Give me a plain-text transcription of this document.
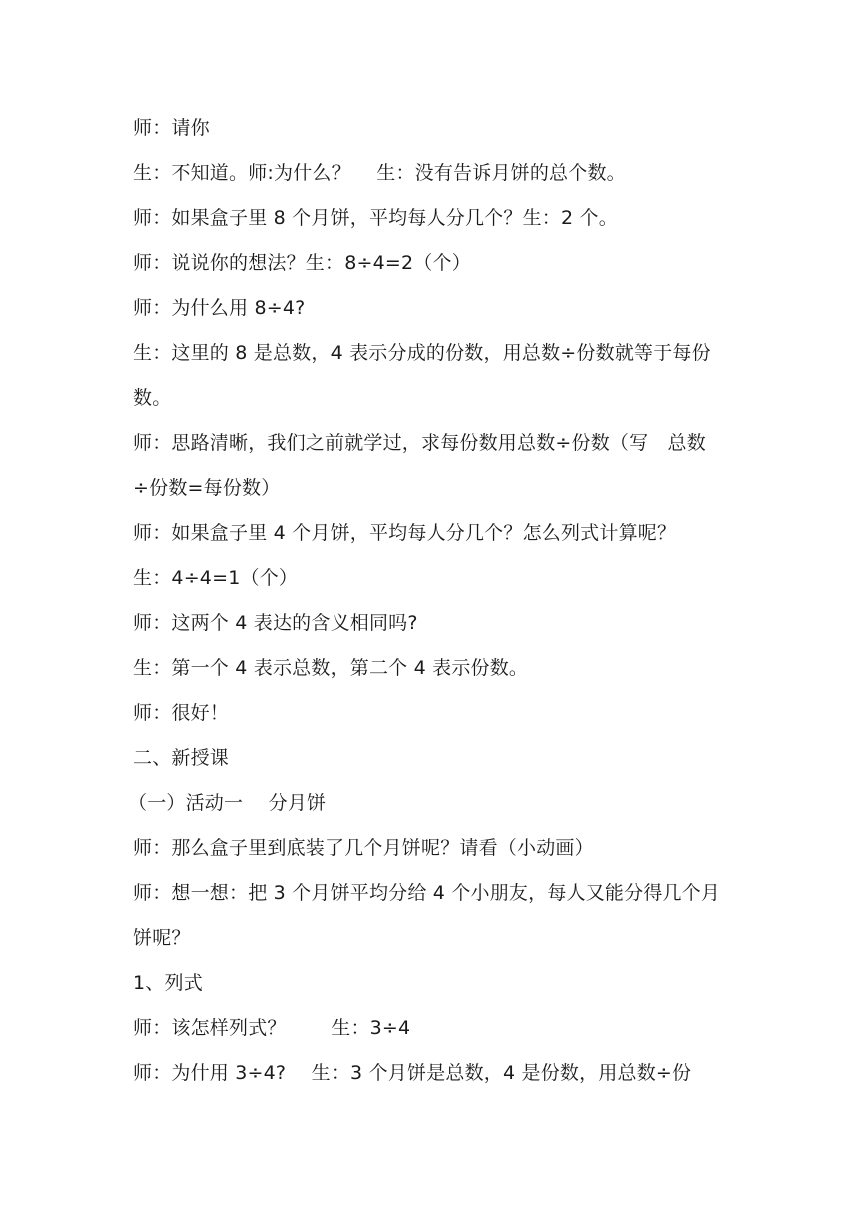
师：请你
生：不知道。师:为什么？　 生：没有告诉月饼的总个数。
师：如果盒子里 8 个月饼，平均每人分几个？生：2 个。
师：说说你的想法？生：8÷4=2（个）
师：为什么用 8÷4?
生：这里的 8 是总数，4 表示分成的份数，用总数÷份数就等于每份
数。
师：思路清晰，我们之前就学过，求每份数用总数÷份数（写　总数
÷份数=每份数）
师：如果盒子里 4 个月饼，平均每人分几个？怎么列式计算呢？
生：4÷4=1（个）
师：这两个 4 表达的含义相同吗?
生：第一个 4 表示总数，第二个 4 表示份数。
师：很好！
二、新授课
（一）活动一　 分月饼
师：那么盒子里到底装了几个月饼呢？请看（小动画）
师：想一想：把 3 个月饼平均分给 4 个小朋友，每人又能分得几个月
饼呢？
1、列式
师：该怎样列式？　　 生：3÷4
师：为什用 3÷4?　 生：3 个月饼是总数，4 是份数，用总数÷份
